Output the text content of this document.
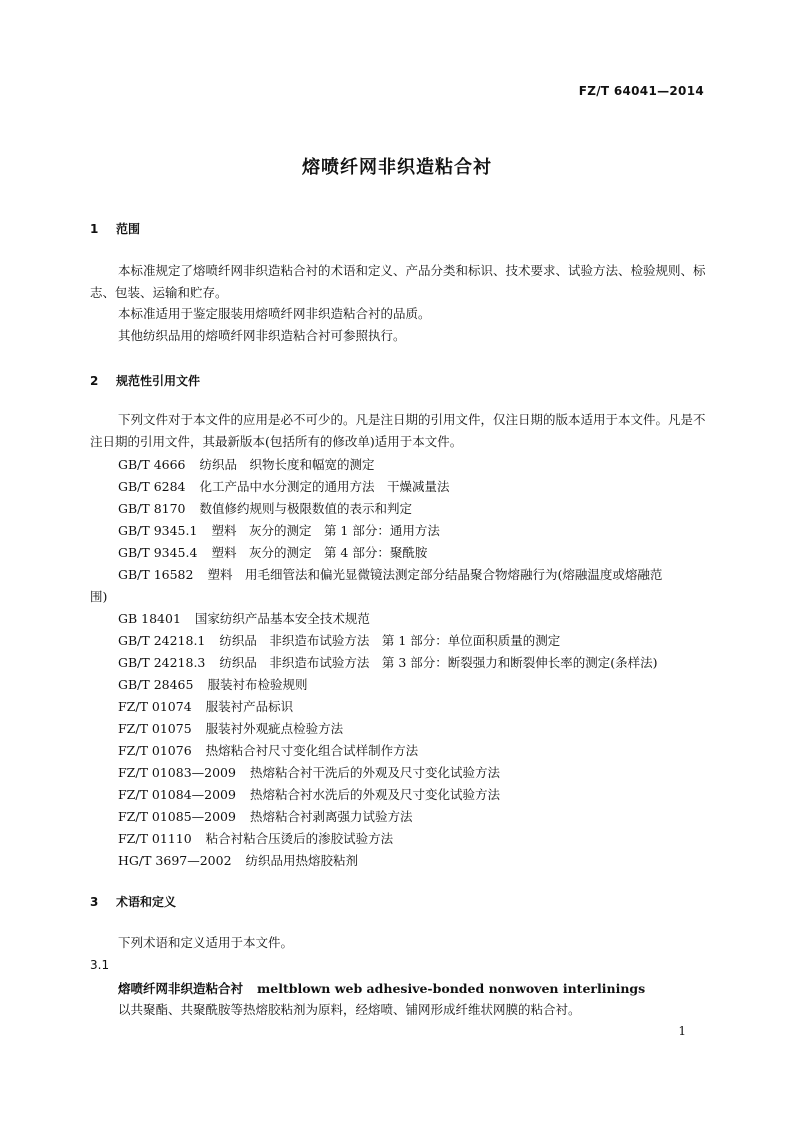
FZ/T 64041—2014
熔喷纤网非织造粘合衬
1 范围

本标准规定了熔喷纤网非织造粘合衬的术语和定义、产品分类和标识、技术要求、试验方法、检验规则、标志、包装、运输和贮存。

本标准适用于鉴定服装用熔喷纤网非织造粘合衬的品质。

其他纺织品用的熔喷纤网非织造粘合衬可参照执行。

2 规范性引用文件

下列文件对于本文件的应用是必不可少的。凡是注日期的引用文件，仅注日期的版本适用于本文件。凡是不注日期的引用文件，其最新版本(包括所有的修改单)适用于本文件。

GB/T 4666 纺织品　织物长度和幅宽的测定
GB/T 6284 化工产品中水分测定的通用方法　干燥减量法
GB/T 8170 数值修约规则与极限数值的表示和判定
GB/T 9345.1 塑料　灰分的测定　第 1 部分：通用方法
GB/T 9345.4 塑料　灰分的测定　第 4 部分：聚酰胺
GB/T 16582 塑料　用毛细管法和偏光显微镜法测定部分结晶聚合物熔融行为(熔融温度或熔融范围)
GB 18401 国家纺织产品基本安全技术规范
GB/T 24218.1 纺织品　非织造布试验方法　第 1 部分：单位面积质量的测定
GB/T 24218.3 纺织品　非织造布试验方法　第 3 部分：断裂强力和断裂伸长率的测定(条样法)
GB/T 28465 服装衬布检验规则
FZ/T 01074 服装衬产品标识
FZ/T 01075 服装衬外观疵点检验方法
FZ/T 01076 热熔粘合衬尺寸变化组合试样制作方法
FZ/T 01083—2009 热熔粘合衬干洗后的外观及尺寸变化试验方法
FZ/T 01084—2009 热熔粘合衬水洗后的外观及尺寸变化试验方法
FZ/T 01085—2009 热熔粘合衬剥离强力试验方法
FZ/T 01110 粘合衬粘合压烫后的渗胶试验方法
HG/T 3697—2002 纺织品用热熔胶粘剂
3 术语和定义

下列术语和定义适用于本文件。

3.1
熔喷纤网非织造粘合衬 meltblown web adhesive-bonded nonwoven interlinings

以共聚酯、共聚酰胺等热熔胶粘剂为原料，经熔喷、铺网形成纤维状网膜的粘合衬。

1
